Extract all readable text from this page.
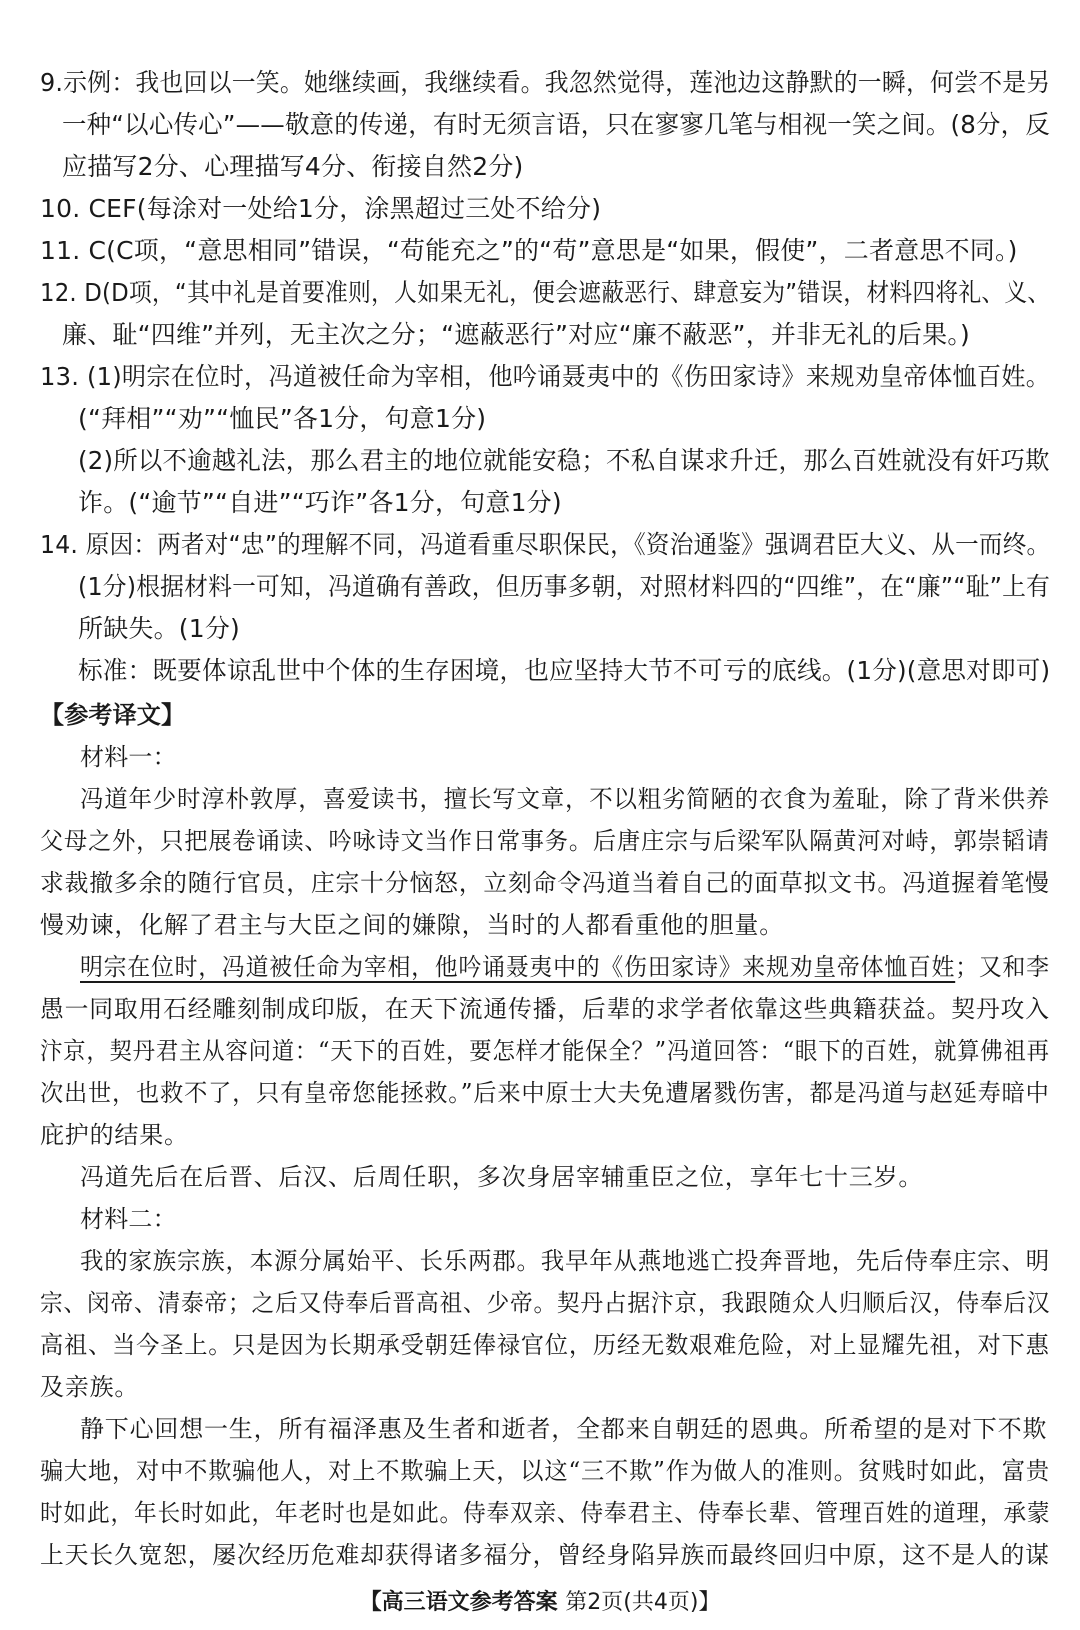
9.示例：我也回以一笑。她继续画，我继续看。我忽然觉得，莲池边这静默的一瞬，何尝不是另
一种“以心传心”——敬意的传递，有时无须言语，只在寥寥几笔与相视一笑之间。(8分，反
应描写2分、心理描写4分、衔接自然2分)
10. CEF(每涂对一处给1分，涂黑超过三处不给分)
11. C(C项，“意思相同”错误，“苟能充之”的“苟”意思是“如果，假使”，二者意思不同。)
12. D(D项，“其中礼是首要准则，人如果无礼，便会遮蔽恶行、肆意妄为”错误，材料四将礼、义、
廉、耻“四维”并列，无主次之分；“遮蔽恶行”对应“廉不蔽恶”，并非无礼的后果。)
13. (1)明宗在位时，冯道被任命为宰相，他吟诵聂夷中的《伤田家诗》来规劝皇帝体恤百姓。
(“拜相”“劝”“恤民”各1分，句意1分)
(2)所以不逾越礼法，那么君主的地位就能安稳；不私自谋求升迁，那么百姓就没有奸巧欺
诈。(“逾节”“自进”“巧诈”各1分，句意1分)
14. 原因：两者对“忠”的理解不同，冯道看重尽职保民，《资治通鉴》强调君臣大义、从一而终。
(1分)根据材料一可知，冯道确有善政，但历事多朝，对照材料四的“四维”，在“廉”“耻”上有
所缺失。(1分)
标准：既要体谅乱世中个体的生存困境，也应坚持大节不可亏的底线。(1分)(意思对即可)
【参考译文】
材料一：
冯道年少时淳朴敦厚，喜爱读书，擅长写文章，不以粗劣简陋的衣食为羞耻，除了背米供养
父母之外，只把展卷诵读、吟咏诗文当作日常事务。后唐庄宗与后梁军队隔黄河对峙，郭崇韬请
求裁撤多余的随行官员，庄宗十分恼怒，立刻命令冯道当着自己的面草拟文书。冯道握着笔慢
慢劝谏，化解了君主与大臣之间的嫌隙，当时的人都看重他的胆量。
明宗在位时，冯道被任命为宰相，他吟诵聂夷中的《伤田家诗》来规劝皇帝体恤百姓；又和李
愚一同取用石经雕刻制成印版，在天下流通传播，后辈的求学者依靠这些典籍获益。契丹攻入
汴京，契丹君主从容问道：“天下的百姓，要怎样才能保全？”冯道回答：“眼下的百姓，就算佛祖再
次出世，也救不了，只有皇帝您能拯救。”后来中原士大夫免遭屠戮伤害，都是冯道与赵延寿暗中
庇护的结果。
冯道先后在后晋、后汉、后周任职，多次身居宰辅重臣之位，享年七十三岁。
材料二：
我的家族宗族，本源分属始平、长乐两郡。我早年从燕地逃亡投奔晋地，先后侍奉庄宗、明
宗、闵帝、清泰帝；之后又侍奉后晋高祖、少帝。契丹占据汴京，我跟随众人归顺后汉，侍奉后汉
高祖、当今圣上。只是因为长期承受朝廷俸禄官位，历经无数艰难危险，对上显耀先祖，对下惠
及亲族。
静下心回想一生，所有福泽惠及生者和逝者，全都来自朝廷的恩典。所希望的是对下不欺
骗大地，对中不欺骗他人，对上不欺骗上天，以这“三不欺”作为做人的准则。贫贱时如此，富贵
时如此，年长时如此，年老时也是如此。侍奉双亲、侍奉君主、侍奉长辈、管理百姓的道理，承蒙
上天长久宽恕，屡次经历危难却获得诸多福分，曾经身陷异族而最终回归中原，这不是人的谋
【高三语文参考答案 第2页(共4页)】
